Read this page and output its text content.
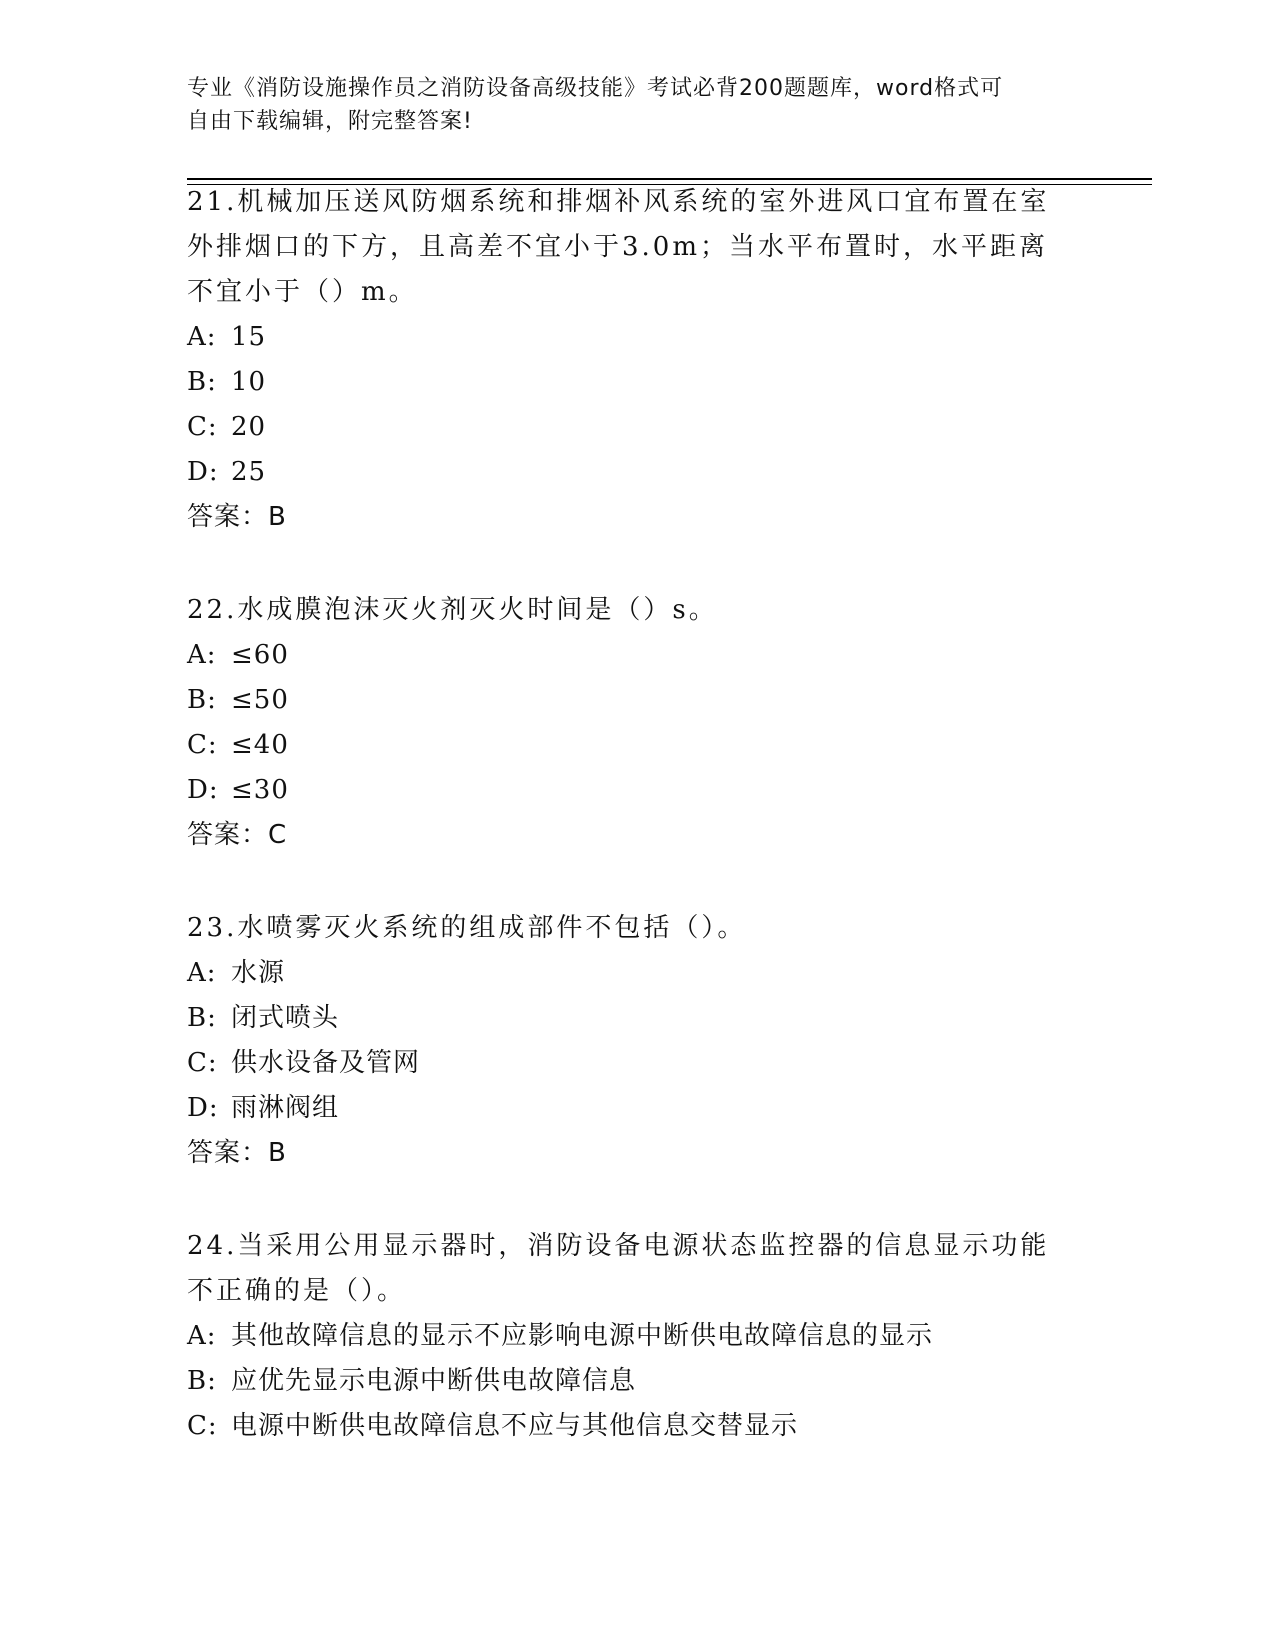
专业《消防设施操作员之消防设备高级技能》考试必背200题题库，word格式可
自由下载编辑，附完整答案!
21.机械加压送风防烟系统和排烟补风系统的室外进风口宜布置在室外排烟口的下方，且高差不宜小于3.0m；当水平布置时，水平距离不宜小于（）m。
A: 15
B: 10
C: 20
D: 25
答案：B
22.水成膜泡沫灭火剂灭火时间是（）s。
A: ≤60
B: ≤50
C: ≤40
D: ≤30
答案：C
23.水喷雾灭火系统的组成部件不包括（）。
A: 水源
B: 闭式喷头
C: 供水设备及管网
D: 雨淋阀组
答案：B
24.当采用公用显示器时，消防设备电源状态监控器的信息显示功能不正确的是（）。
A: 其他故障信息的显示不应影响电源中断供电故障信息的显示
B: 应优先显示电源中断供电故障信息
C: 电源中断供电故障信息不应与其他信息交替显示
